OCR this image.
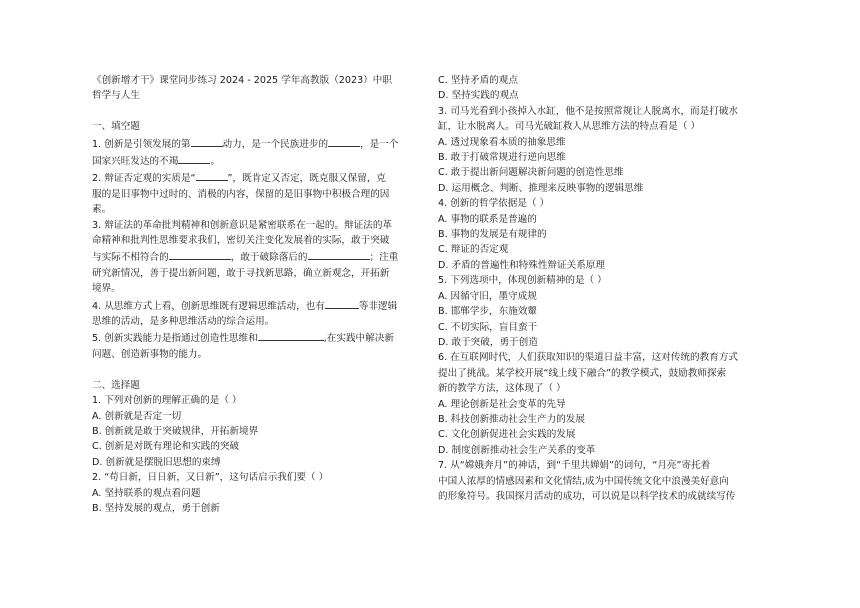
《创新增才干》课堂同步练习 2024 - 2025 学年高教版（2023）中职
哲学与人生
一、填空题
1. 创新是引领发展的第	动力，是一个民族进步的	，是一个
国家兴旺发达的不竭	。
2. 辩证否定观的实质是“	”，既肯定又否定，既克服又保留，克
服的是旧事物中过时的、消极的内容，保留的是旧事物中积极合理的因
素。
3. 辩证法的革命批判精神和创新意识是紧密联系在一起的。辩证法的革
命精神和批判性思维要求我们，密切关注变化发展着的实际，敢于突破
与实际不相符合的	，敢于破除落后的	；注重
研究新情况，善于提出新问题，敢于寻找新思路，确立新观念，开拓新
境界。
4. 从思维方式上看，创新思维既有逻辑思维活动，也有	等非逻辑
思维的活动，是多种思维活动的综合运用。
5. 创新实践能力是指通过创造性思维和	,在实践中解决新
问题、创造新事物的能力。
二、选择题
1. 下列对创新的理解正确的是（ ）
A. 创新就是否定一切
B. 创新就是敢于突破规律，开拓新境界
C. 创新是对既有理论和实践的突破
D. 创新就是摆脱旧思想的束缚
2. “苟日新，日日新，又日新”，这句话启示我们要（ ）
A. 坚持联系的观点看问题
B. 坚持发展的观点，勇于创新
C. 坚持矛盾的观点
D. 坚持实践的观点
3. 司马光看到小孩掉入水缸，他不是按照常规让人脱离水，而是打破水
缸，让水脱离人。司马光破缸救人从思维方法的特点看是（ ）
A. 透过现象看本质的抽象思维
B. 敢于打破常规进行逆向思维
C. 敢于提出新问题解决新问题的创造性思维
D. 运用概念、判断、推理来反映事物的逻辑思维
4. 创新的哲学依据是（ ）
A. 事物的联系是普遍的
B. 事物的发展是有规律的
C. 辩证的否定观
D. 矛盾的普遍性和特殊性辩证关系原理
5. 下列选项中，体现创新精神的是（ ）
A. 因循守旧，墨守成规
B. 邯郸学步，东施效颦
C. 不切实际，盲目蛮干
D. 敢于突破，勇于创造
6. 在互联网时代，人们获取知识的渠道日益丰富，这对传统的教育方式
提出了挑战。某学校开展“线上线下融合”的教学模式，鼓励教师探索
新的教学方法，这体现了（ ）
A. 理论创新是社会变革的先导
B. 科技创新推动社会生产力的发展
C. 文化创新促进社会实践的发展
D. 制度创新推动社会生产关系的变革
7. 从“嫦娥奔月”的神话，到“千里共婵娟”的词句，“月亮”寄托着
中国人浓厚的情感因素和文化情结,成为中国传统文化中浪漫美好意向
的形象符号。我国探月活动的成功，可以说是以科学技术的成就续写传
